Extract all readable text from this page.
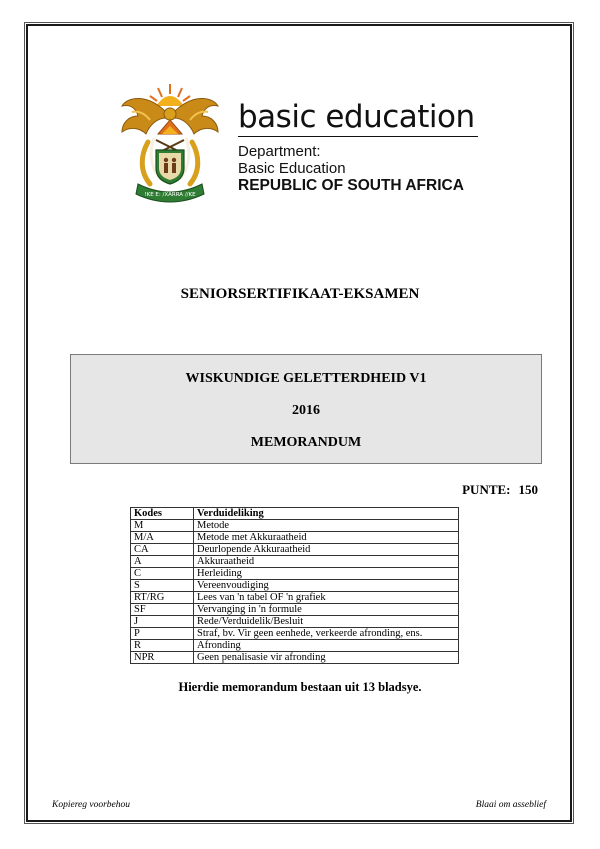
!KE E: /XARRA //KE
basic education
Department:
Basic Education
REPUBLIC OF SOUTH AFRICA
SENIORSERTIFIKAAT-EKSAMEN
WISKUNDIGE GELETTERDHEID V1
2016
MEMORANDUM
PUNTE: 150
Kodes	Verduideliking
M	Metode
M/A	Metode met Akkuraatheid
CA	Deurlopende Akkuraatheid
A	Akkuraatheid
C	Herleiding
S	Vereenvoudiging
RT/RG	Lees van 'n tabel OF 'n grafiek
SF	Vervanging in 'n formule
J	Rede/Verduidelik/Besluit
P	Straf, bv. Vir geen eenhede, verkeerde afronding, ens.
R	Afronding
NPR	Geen penalisasie vir afronding
Hierdie memorandum bestaan uit 13 bladsye.
Kopiereg voorbehou	Blaai om asseblief
